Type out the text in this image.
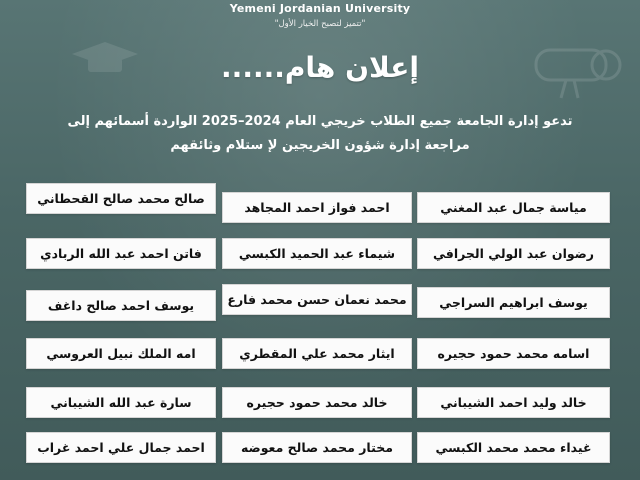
Yemeni Jordanian University
"تتميز لتصبح الخيار الأول"
إعلان هام......
تدعو إدارة الجامعة جميع الطلاب خريجي العام 2024–2025 الواردة أسمائهم إلى
مراجعة إدارة شؤون الخريجين لإ ستلام وثائقهم
مياسة جمال عبد المغني
احمد فواز احمد المجاهد
صالح محمد صالح القحطاني
رضوان عبد الولي الجرافي
شيماء عبد الحميد الكبسي
فاتن احمد عبد الله الربادي
يوسف ابراهيم السراجي
محمد نعمان حسن محمد فارع
يوسف احمد صالح داغف
اسامه محمد حمود حجيره
ايثار محمد علي المقطري
امه الملك نبيل العروسي
خالد وليد احمد الشيباني
خالد محمد حمود حجيره
سارة عبد الله الشيباني
غيداء محمد محمد الكبسي
مختار محمد صالح معوضه
احمد جمال علي احمد غراب
